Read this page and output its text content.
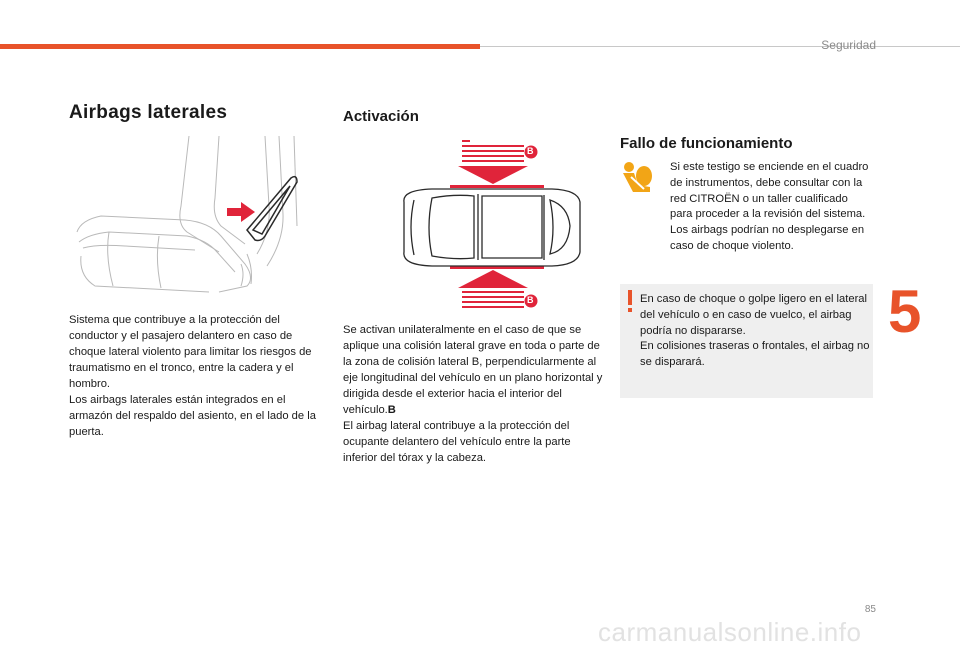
Seguridad
5
85
carmanualsonline.info
Airbags laterales

Sistema que contribuye a la protección del conductor y el pasajero delantero en caso de choque lateral violento para limitar los riesgos de traumatismo en el tronco, entre la cadera y el hombro.

Los airbags laterales están integrados en el armazón del respaldo del asiento, en el lado de la puerta.

Activación
B
B

Se activan unilateralmente en el caso de que se aplique una colisión lateral grave en toda o parte de la zona de colisión lateral B, perpendicularmente al eje longitudinal del vehículo en un plano horizontal y dirigida desde el exterior hacia el interior del vehículo.B
El airbag lateral contribuye a la protección del ocupante delantero del vehículo entre la parte inferior del tórax y la cabeza.

Fallo de funcionamiento

Si este testigo se enciende en el cuadro de instrumentos, debe consultar con la red CITROËN o un taller cualificado para proceder a la revisión del sistema. Los airbags podrían no desplegarse en caso de choque violento.

En caso de choque o golpe ligero en el lateral del vehículo o en caso de vuelco, el airbag podría no dispararse.
En colisiones traseras o frontales, el airbag no se disparará.
